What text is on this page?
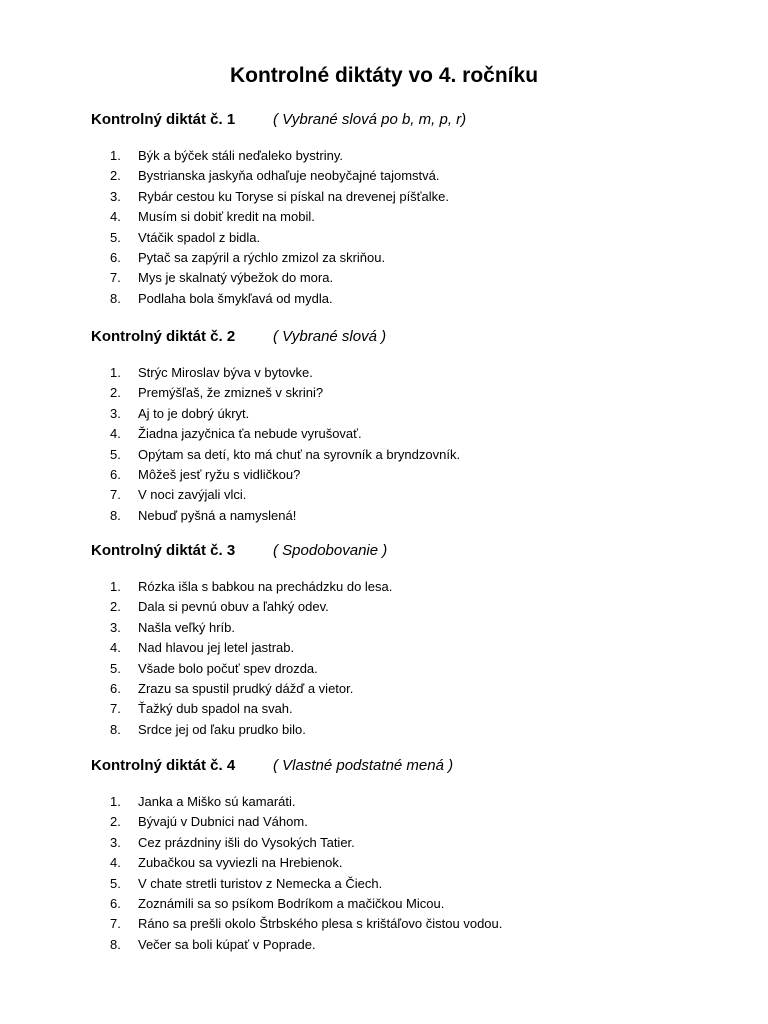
Kontrolné diktáty vo 4. ročníku
Kontrolný diktát č. 1	( Vybrané slová po b, m, p, r)
1.	Býk a býček stáli neďaleko bystriny.
2.	Bystrianska jaskyňa odhaľuje neobyčajné tajomstvá.
3.	Rybár cestou ku Toryse si pískal na drevenej píšťalke.
4.	Musím si dobiť kredit na mobil.
5.	Vtáčik spadol z bidla.
6.	Pytač sa zapýril a rýchlo zmizol za skriňou.
7.	Mys je skalnatý výbežok do mora.
8.	Podlaha bola šmykľavá od mydla.
Kontrolný diktát č. 2	( Vybrané slová )
1.	Strýc Miroslav býva v bytovke.
2.	Premýšľaš, že zmizneš v skrini?
3.	Aj to je dobrý úkryt.
4.	Žiadna jazyčnica ťa nebude vyrušovať.
5.	Opýtam sa detí, kto má chuť na syrovník a bryndzovník.
6.	Môžeš jesť ryžu s vidličkou?
7.	V noci zavýjali vlci.
8.	Nebuď pyšná a namyslená!
Kontrolný diktát č. 3	( Spodobovanie )
1.	Rózka išla s babkou na prechádzku do lesa.
2.	Dala si pevnú obuv a ľahký odev.
3.	Našla veľký hríb.
4.	Nad hlavou jej letel jastrab.
5.	Všade bolo počuť spev drozda.
6.	Zrazu sa spustil prudký dážď a vietor.
7.	Ťažký dub spadol na svah.
8.	Srdce jej od ľaku prudko bilo.
Kontrolný diktát č. 4	( Vlastné podstatné mená )
1.	Janka a Miško sú kamaráti.
2.	Bývajú v Dubnici nad Váhom.
3.	Cez prázdniny išli do Vysokých Tatier.
4.	Zubačkou sa vyviezli na Hrebienok.
5.	V chate stretli turistov z Nemecka a Čiech.
6.	Zoznámili sa so psíkom Bodríkom a mačičkou Micou.
7.	Ráno sa prešli okolo Štrbského plesa s krištáľovo čistou vodou.
8.	Večer sa boli kúpať v Poprade.
